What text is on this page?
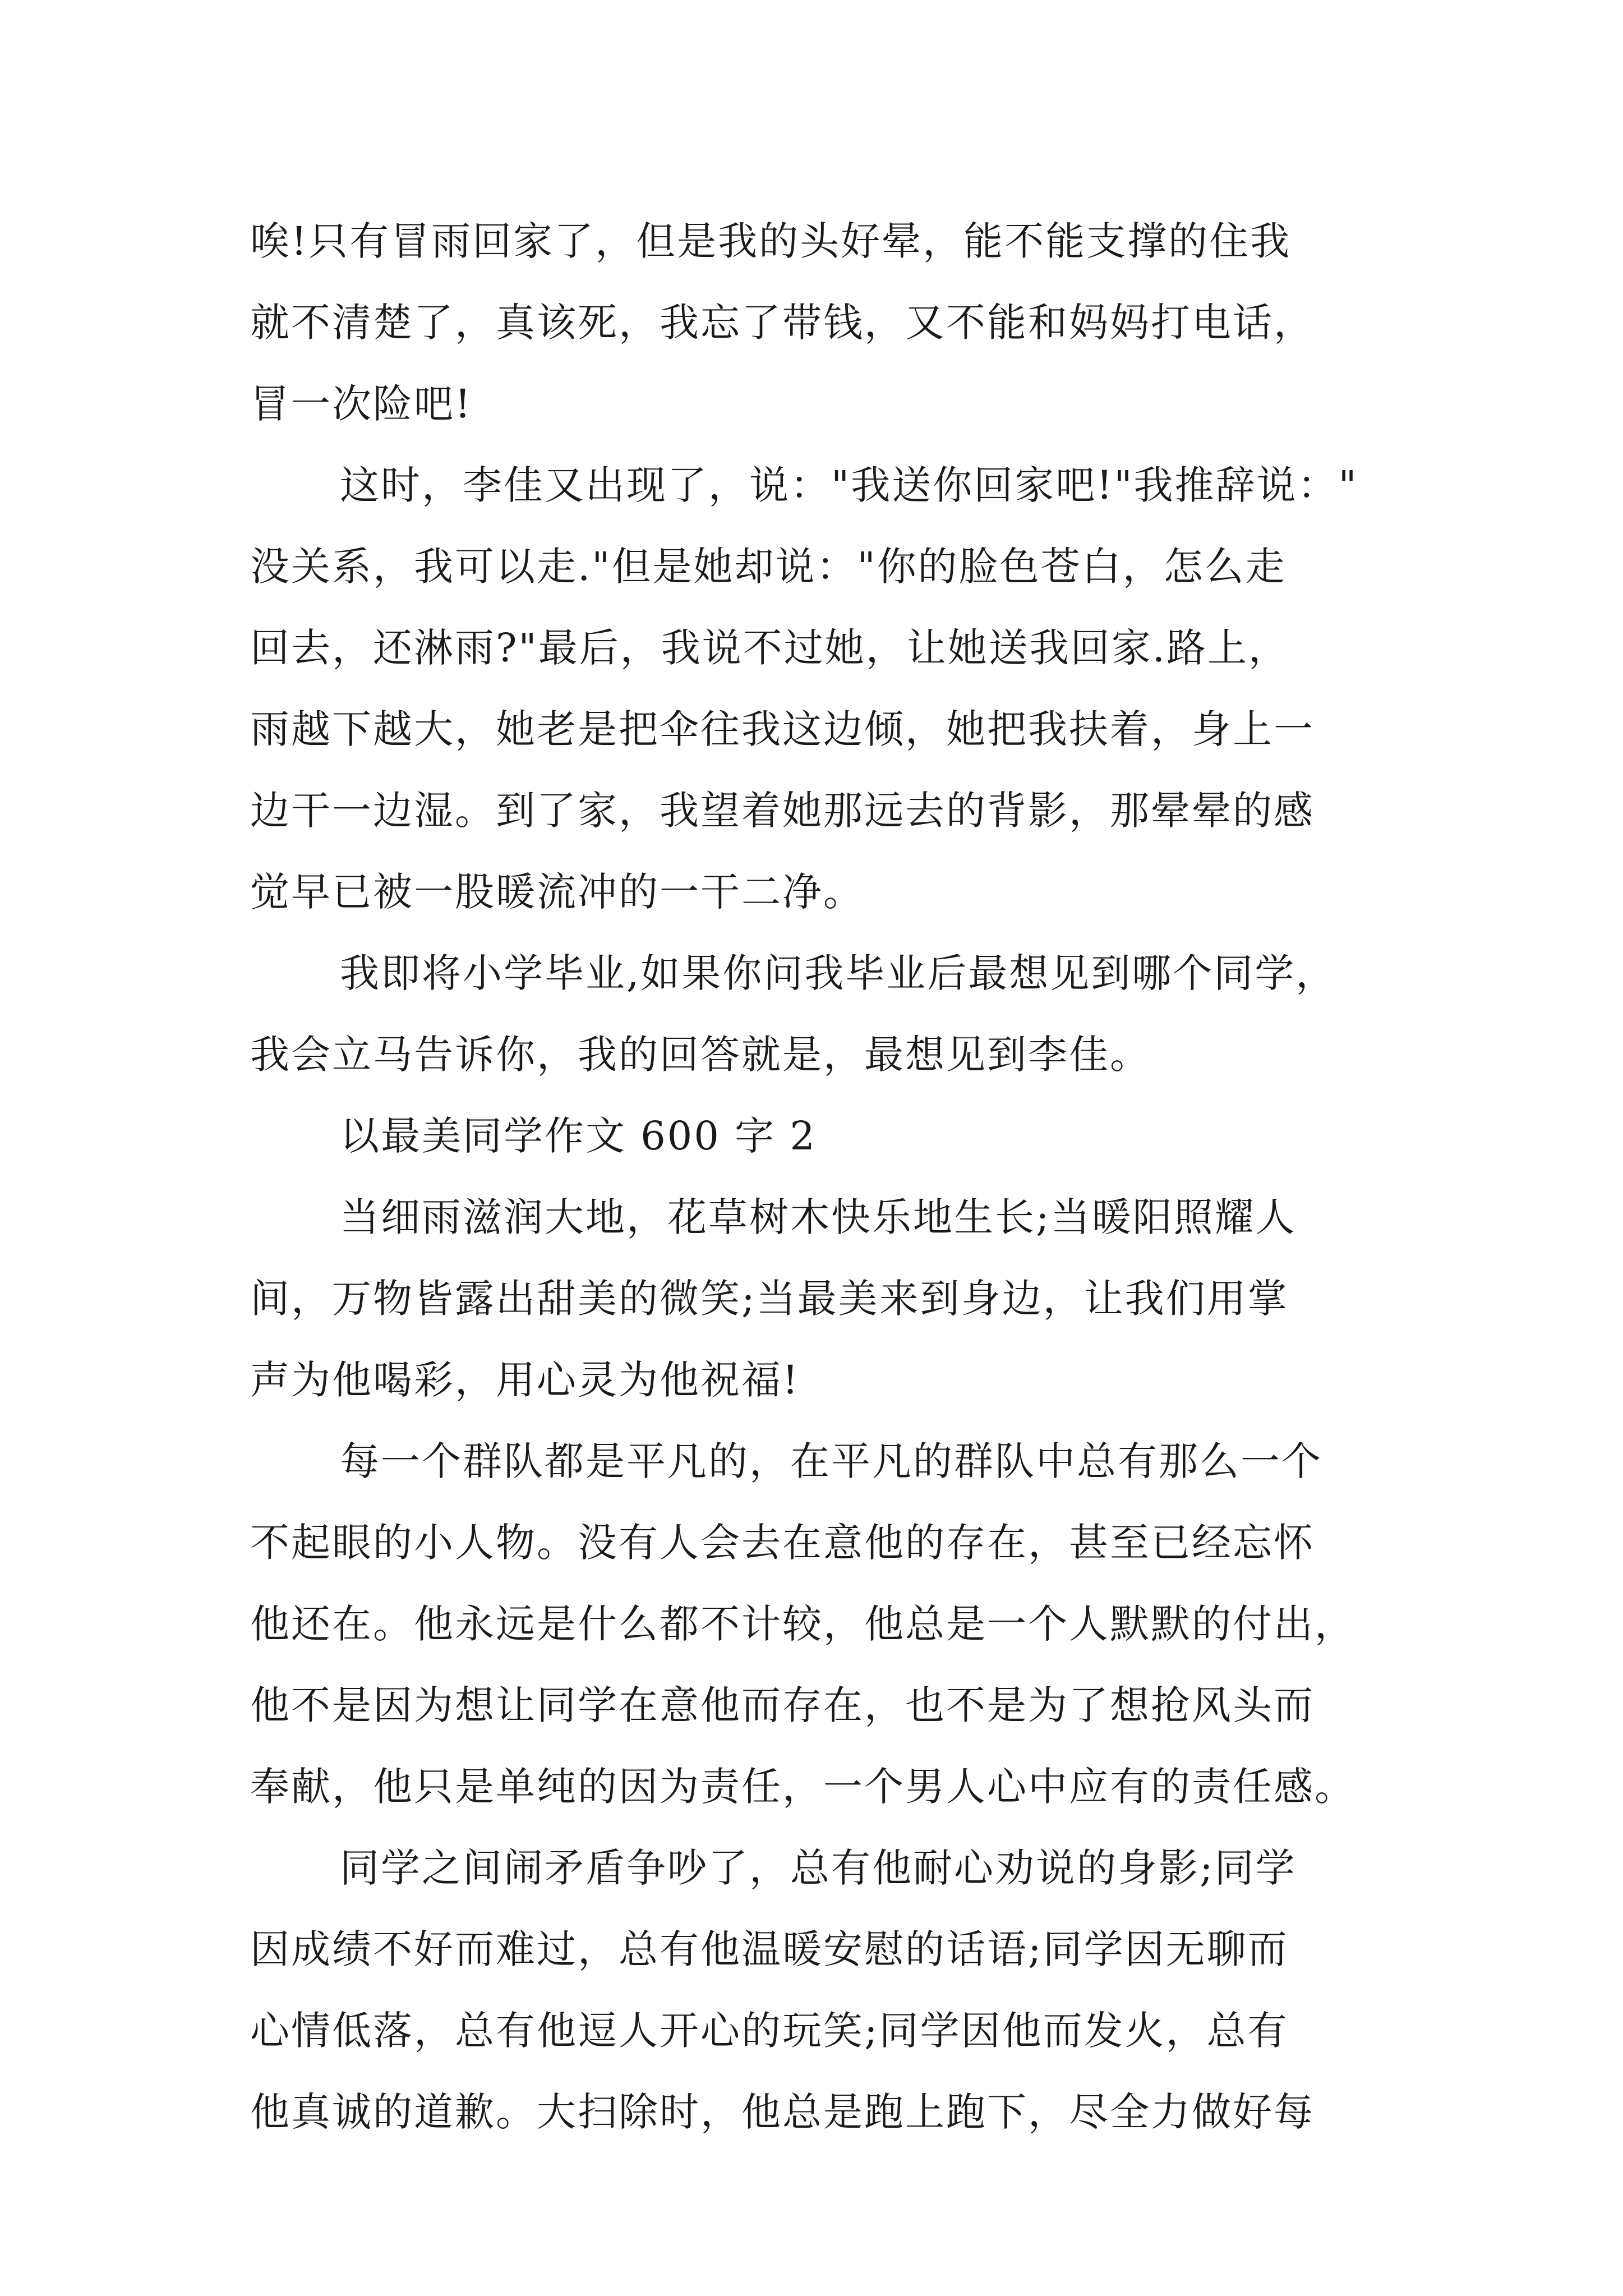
唉!只有冒雨回家了，但是我的头好晕，能不能支撑的住我
就不清楚了，真该死，我忘了带钱，又不能和妈妈打电话，
冒一次险吧!
这时，李佳又出现了，说："我送你回家吧!"我推辞说："
没关系，我可以走."但是她却说："你的脸色苍白，怎么走
回去，还淋雨?"最后，我说不过她，让她送我回家.路上，
雨越下越大，她老是把伞往我这边倾，她把我扶着，身上一
边干一边湿。到了家，我望着她那远去的背影，那晕晕的感
觉早已被一股暖流冲的一干二净。
我即将小学毕业,如果你问我毕业后最想见到哪个同学，
我会立马告诉你，我的回答就是，最想见到李佳。
以最美同学作文 600 字 2
当细雨滋润大地，花草树木快乐地生长;当暖阳照耀人
间，万物皆露出甜美的微笑;当最美来到身边，让我们用掌
声为他喝彩，用心灵为他祝福!
每一个群队都是平凡的，在平凡的群队中总有那么一个
不起眼的小人物。没有人会去在意他的存在，甚至已经忘怀
他还在。他永远是什么都不计较，他总是一个人默默的付出，
他不是因为想让同学在意他而存在，也不是为了想抢风头而
奉献，他只是单纯的因为责任，一个男人心中应有的责任感。
同学之间闹矛盾争吵了，总有他耐心劝说的身影;同学
因成绩不好而难过，总有他温暖安慰的话语;同学因无聊而
心情低落，总有他逗人开心的玩笑;同学因他而发火，总有
他真诚的道歉。大扫除时，他总是跑上跑下，尽全力做好每
